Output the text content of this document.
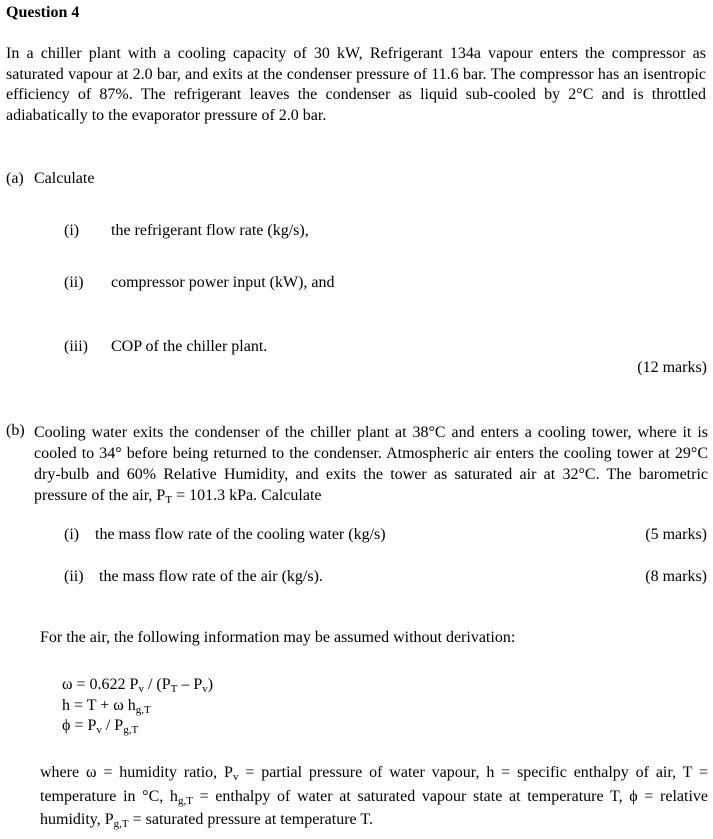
Question 4
In a chiller plant with a cooling capacity of 30 kW, Refrigerant 134a vapour enters the compressor as saturated vapour at 2.0 bar, and exits at the condenser pressure of 11.6 bar. The compressor has an isentropic efficiency of 87%. The refrigerant leaves the condenser as liquid sub-cooled by 2°C and is throttled adiabatically to the evaporator pressure of 2.0 bar.
(a) Calculate
(i) the refrigerant flow rate (kg/s),
(ii) compressor power input (kW), and
(iii) COP of the chiller plant.
(12 marks)
(b) Cooling water exits the condenser of the chiller plant at 38°C and enters a cooling tower, where it is cooled to 34° before being returned to the condenser. Atmospheric air enters the cooling tower at 29°C dry-bulb and 60% Relative Humidity, and exits the tower as saturated air at 32°C. The barometric pressure of the air, $P_T = 101.3$ kPa. Calculate
(i) the mass flow rate of the cooling water (kg/s)	(5 marks)
(ii) the mass flow rate of the air (kg/s).	(8 marks)
For the air, the following information may be assumed without derivation:
ω = 0.622 $P_v / (P_T - P_v)$
h = T + ω $h_{g,T}$
$\phi = P_v / P_{g,T}$
where ω = humidity ratio, $P_v$ = partial pressure of water vapour, h = specific enthalpy of air, T = temperature in °C, $h_{g,T}$ = enthalpy of water at saturated vapour state at temperature T, ϕ = relative humidity, $P_{g,T}$ = saturated pressure at temperature T.
